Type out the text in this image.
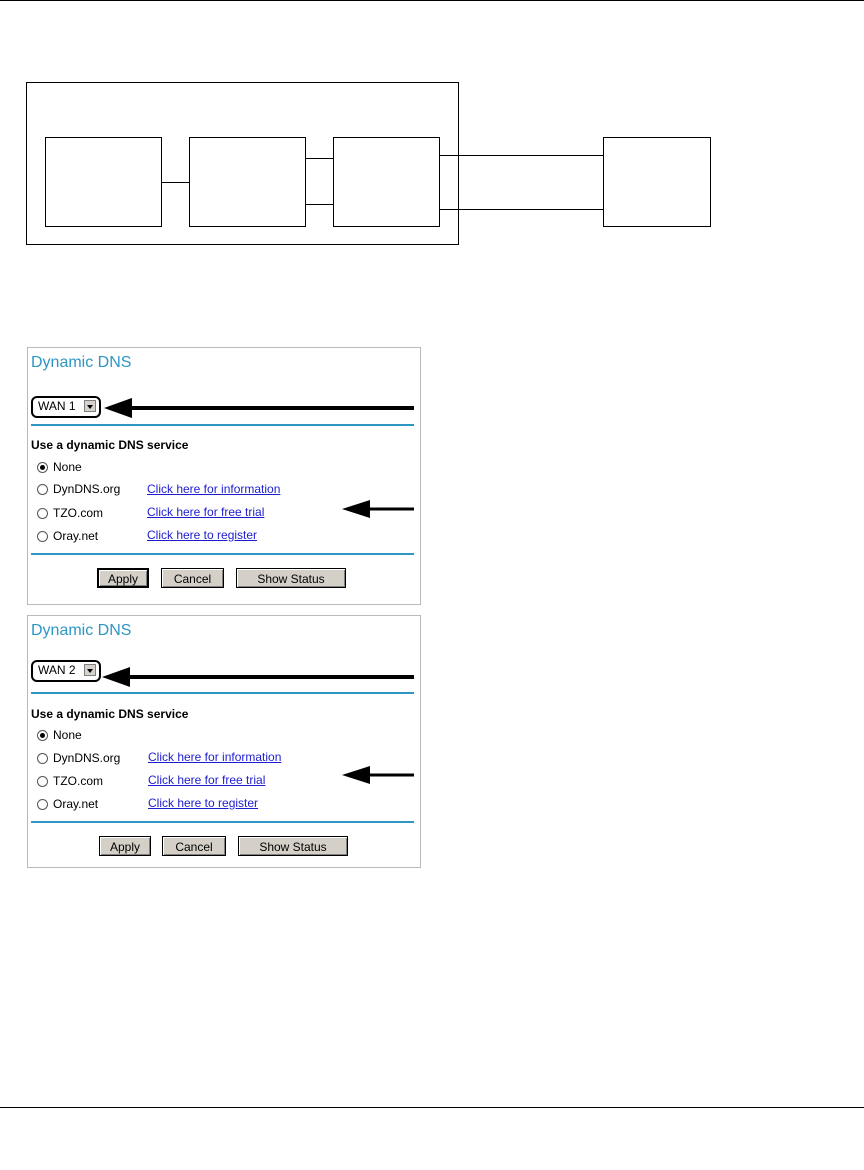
Dynamic DNS
WAN 1
Use a dynamic DNS service
None
DynDNS.org Click here for information
TZO.com	Click here for free trial
Oray.net	Click here to register
Apply	Cancel	Show Status
Dynamic DNS
WAN 2
Use a dynamic DNS service
None
DynDNS.org Click here for information
TZO.com	Click here for free trial
Oray.net	Click here to register
Apply	Cancel	Show Status
